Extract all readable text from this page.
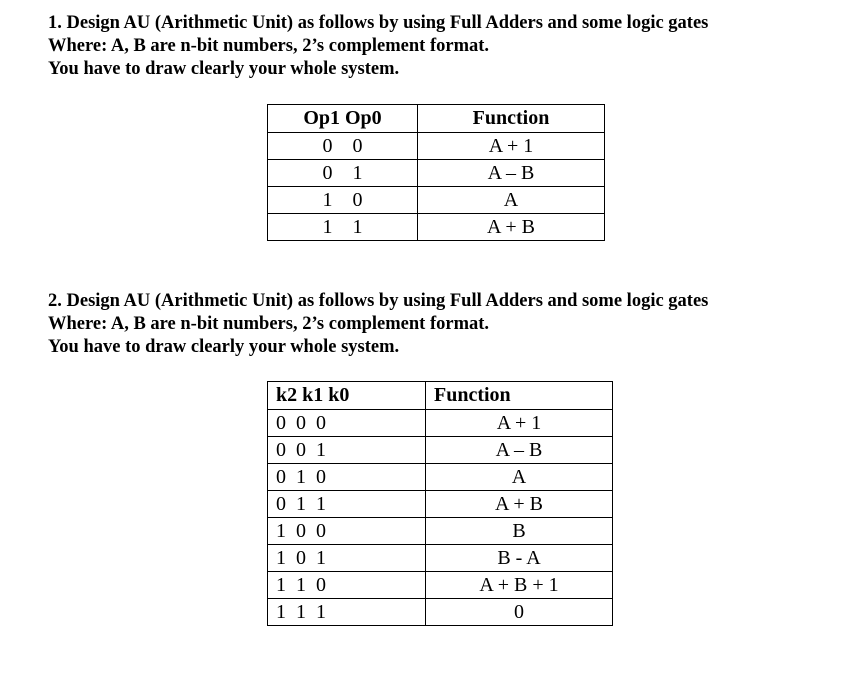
1. Design AU (Arithmetic Unit) as follows by using Full Adders and some logic gates
Where: A, B are n-bit numbers, 2’s complement format.
You have to draw clearly your whole system.
Op1 Op0	Function
0    0	A + 1
0    1	A – B
1    0	A
1    1	A + B
2. Design AU (Arithmetic Unit) as follows by using Full Adders and some logic gates
Where: A, B are n-bit numbers, 2’s complement format.
You have to draw clearly your whole system.
k2 k1 k0	Function
0  0  0	A + 1
0  0  1	A – B
0  1  0	A
0  1  1	A + B
1  0  0	B
1  0  1	B - A
1  1  0	A + B + 1
1  1  1	0
